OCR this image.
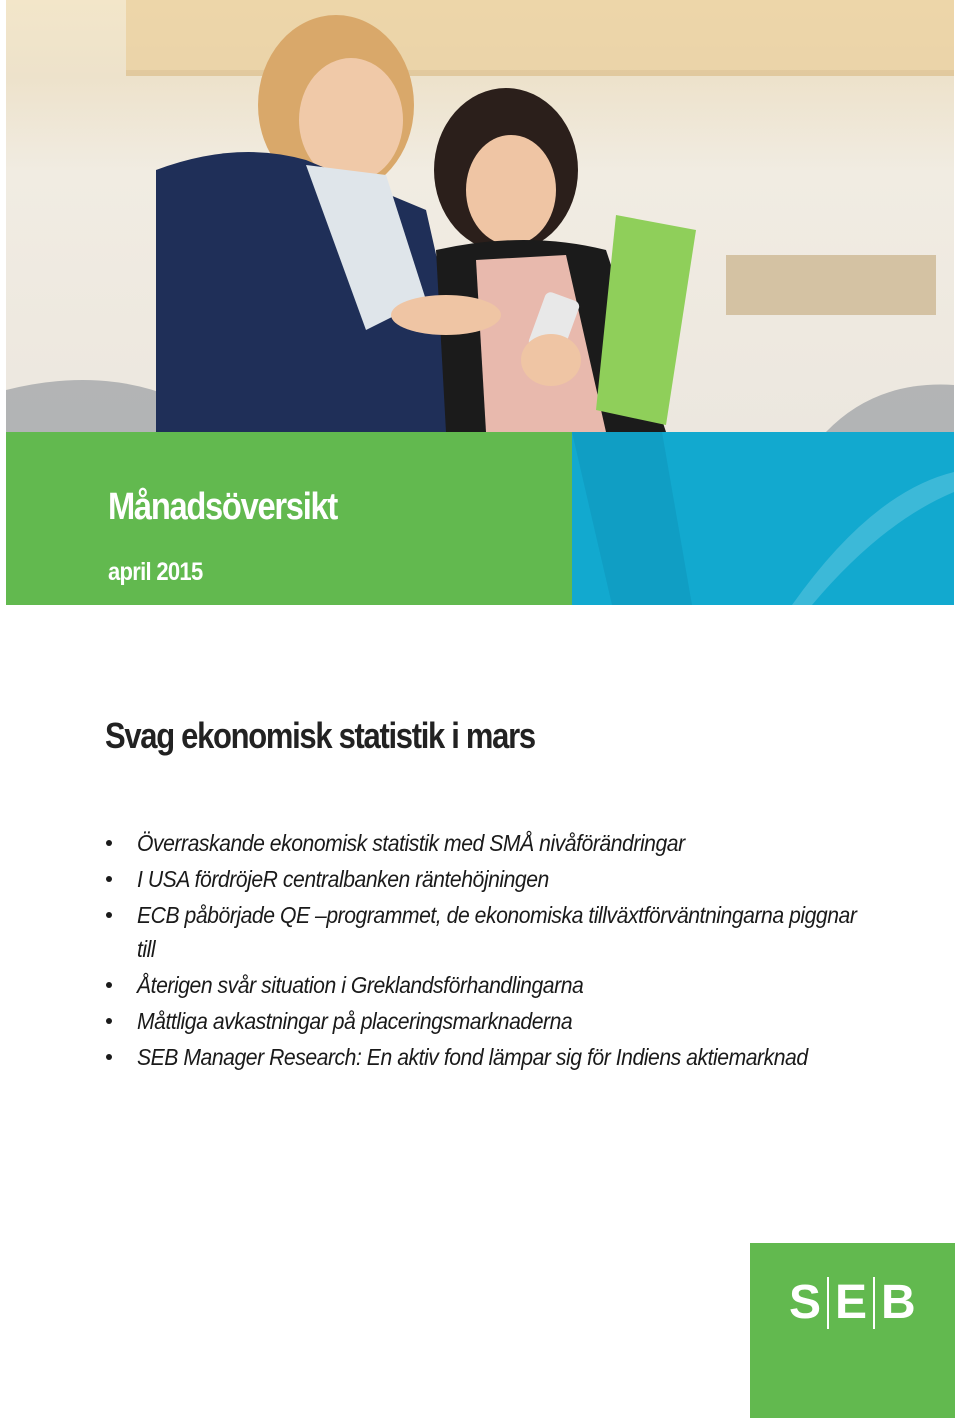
Månadsöversikt
april 2015
Svag ekonomisk statistik i mars
Överraskande ekonomisk statistik med SMÅ nivåförändringar
I USA fördröjeR centralbanken räntehöjningen
ECB påbörjade QE –programmet, de ekonomiska tillväxtförväntningarna piggnar till
Återigen svår situation i Greklandsförhandlingarna
Måttliga avkastningar på placeringsmarknaderna
SEB Manager Research: En aktiv fond lämpar sig för Indiens aktiemarknad
S E B
